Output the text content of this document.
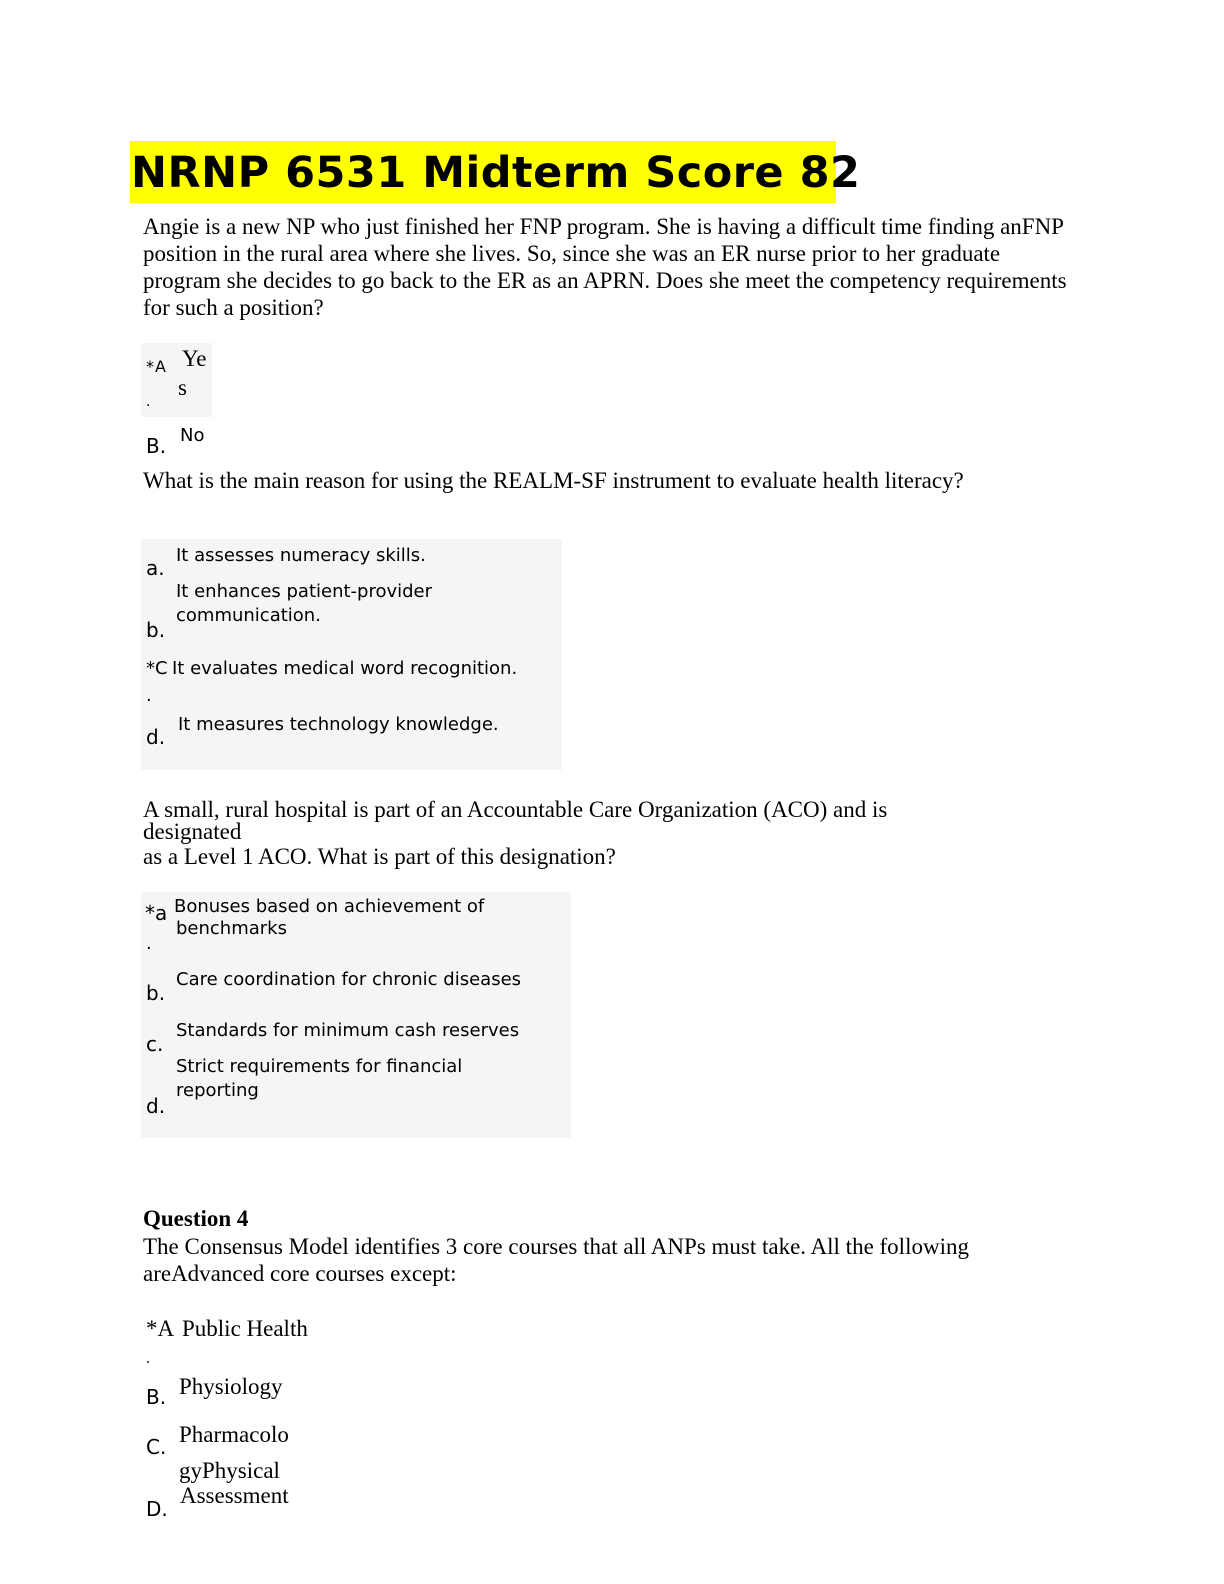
NRNP 6531 Midterm Score 82
Angie is a new NP who just finished her FNP program. She is having a difficult time finding anFNP position in the rural area where she lives. So, since she was an ER nurse prior to her graduate program she decides to go back to the ER as an APRN. Does she meet the competency requirements for such a position?
*A
.
Ye
s
B. No
What is the main reason for using the REALM-SF instrument to evaluate health literacy?
a.
It assesses numeracy skills.
It enhances patient-provider
communication.
b.
*C It evaluates medical word recognition.
.
It measures technology knowledge.
d.
A small, rural hospital is part of an Accountable Care Organization (ACO) and is
designated
as a Level 1 ACO. What is part of this designation?
*a
.
Bonuses based on achievement of
benchmarks
Care coordination for chronic diseases
b.
Standards for minimum cash reserves
c.
Strict requirements for financial
reporting
d.
Question 4
The Consensus Model identifies 3 core courses that all ANPs must take. All the following areAdvanced core courses except:
*A Public Health
.
B. Physiology
Pharmacolo
C.
gyPhysical
Assessment
D.
